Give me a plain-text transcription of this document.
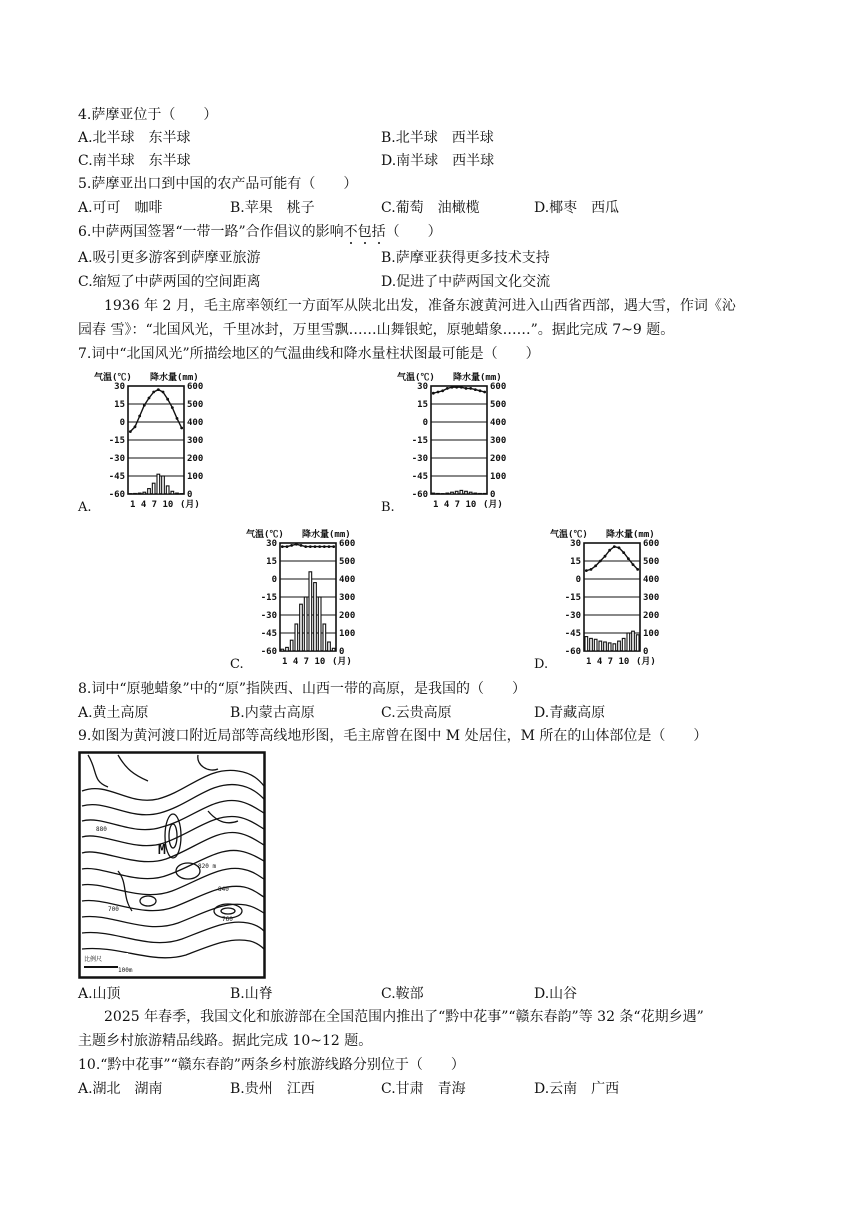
4.萨摩亚位于（　　）
A.北半球　东半球	B.北半球　西半球
C.南半球　东半球	D.南半球　西半球
5.萨摩亚出口到中国的农产品可能有（　　）
A.可可　咖啡	B.苹果　桃子	C.葡萄　油橄榄	D.椰枣　西瓜
6.中萨两国签署“一带一路”合作倡议的影响不包括（　　）
A.吸引更多游客到萨摩亚旅游	B.萨摩亚获得更多技术支持
C.缩短了中萨两国的空间距离	D.促进了中萨两国文化交流
1936 年 2 月，毛主席率领红一方面军从陕北出发，准备东渡黄河进入山西省西部，遇大雪，作词《沁
园春 雪》：“北国风光，千里冰封，万里雪飘……山舞银蛇，原驰蜡象……”。据此完成 7~9 题。
7.词中“北国风光”所描绘地区的气温曲线和降水量柱状图最可能是（　　）
A.	B.
C.	D.
气温(℃) 降水量(mm)
30	600
15	500
0	400
-15	300
-30	200
-45	100
-60	0
1 4 7 10 (月)
气温(℃) 降水量(mm)
30	600
15	500
0	400
-15	300
-30	200
-45	100
-60	0
1 4 7 10 (月)
气温(℃) 降水量(mm)
30	600
15	500
0	400
-15	300
-30	200
-45	100
-60	0
1 4 7 10 (月)
气温(℃) 降水量(mm)
30	600
15	500
0	400
-15	300
-30	200
-45	100
-60	0
1 4 7 10 (月)
8.词中“原驰蜡象”中的“原”指陕西、山西一带的高原，是我国的（　　）
A.黄土高原	B.内蒙古高原	C.云贵高原	D.青藏高原
9.如图为黄河渡口附近局部等高线地形图，毛主席曾在图中 M 处居住，M 所在的山体部位是（　　）
M
820 m
840
880
700
760
比例尺
100m
A.山顶	B.山脊	C.鞍部	D.山谷
2025 年春季，我国文化和旅游部在全国范围内推出了“黔中花事”“赣东春韵”等 32 条“花期乡遇”
主题乡村旅游精品线路。据此完成 10~12 题。
10.“黔中花事”“赣东春韵”两条乡村旅游线路分别位于（　　）
A.湖北　湖南	B.贵州　江西	C.甘肃　青海	D.云南　广西
